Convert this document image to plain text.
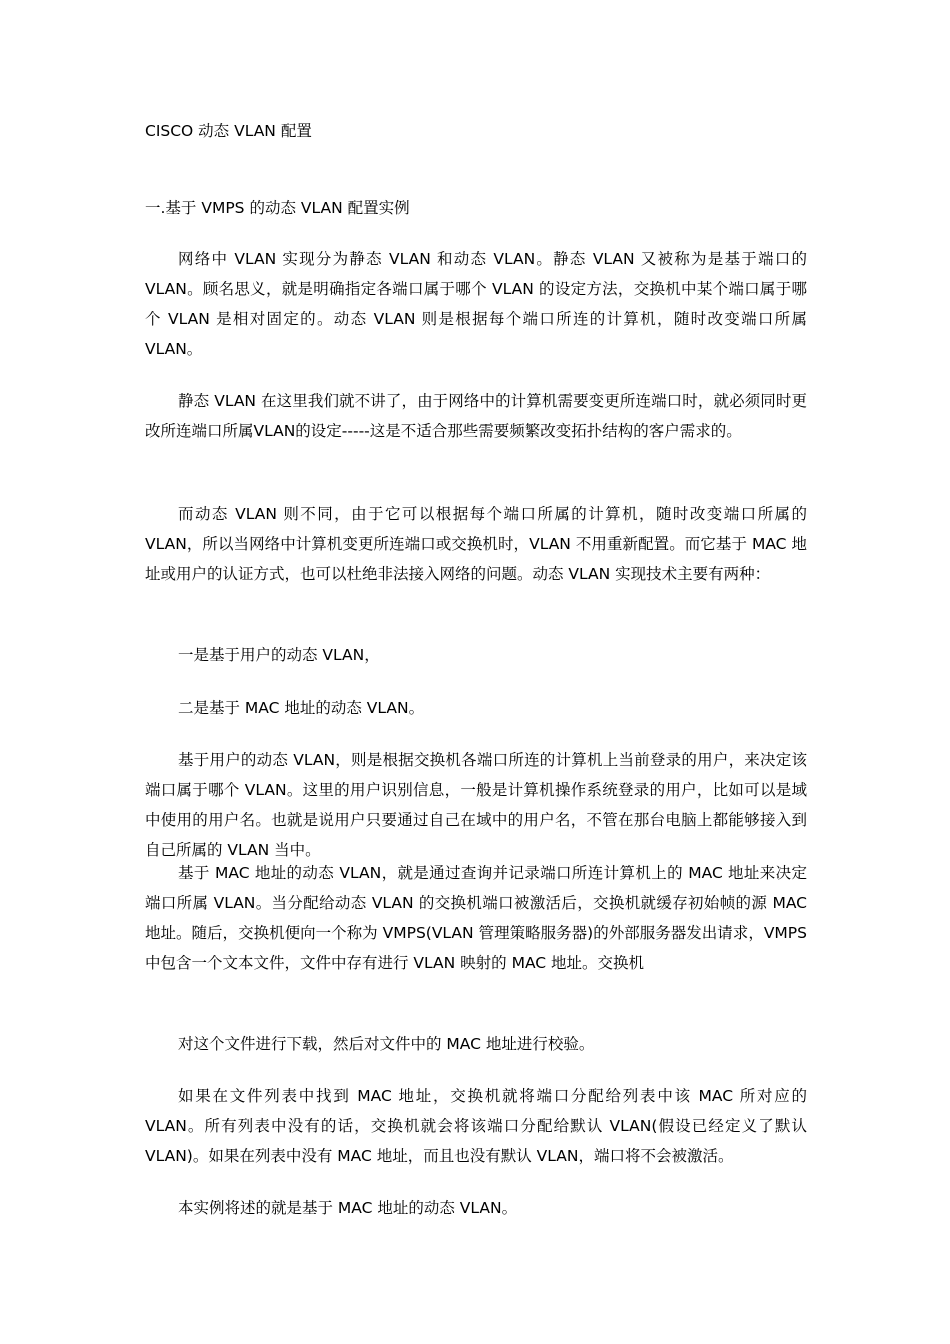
CISCO 动态 VLAN 配置

一.基于 VMPS 的动态 VLAN 配置实例

网络中 VLAN 实现分为静态 VLAN 和动态 VLAN。静态 VLAN 又被称为是基于端口的 VLAN。顾名思义，就是明确指定各端口属于哪个 VLAN 的设定方法，交换机中某个端口属于哪个 VLAN 是相对固定的。动态 VLAN 则是根据每个端口所连的计算机，随时改变端口所属 VLAN。

静态 VLAN 在这里我们就不讲了，由于网络中的计算机需要变更所连端口时，就必须同时更改所连端口所属VLAN的设定-----这是不适合那些需要频繁改变拓扑结构的客户需求的。

而动态 VLAN 则不同，由于它可以根据每个端口所属的计算机，随时改变端口所属的 VLAN，所以当网络中计算机变更所连端口或交换机时，VLAN 不用重新配置。而它基于 MAC 地址或用户的认证方式，也可以杜绝非法接入网络的问题。动态 VLAN 实现技术主要有两种：

一是基于用户的动态 VLAN，

二是基于 MAC 地址的动态 VLAN。

基于用户的动态 VLAN，则是根据交换机各端口所连的计算机上当前登录的用户，来决定该端口属于哪个 VLAN。这里的用户识别信息，一般是计算机操作系统登录的用户，比如可以是域中使用的用户名。也就是说用户只要通过自己在域中的用户名，不管在那台电脑上都能够接入到自己所属的 VLAN 当中。

基于 MAC 地址的动态 VLAN，就是通过查询并记录端口所连计算机上的 MAC 地址来决定端口所属 VLAN。当分配给动态 VLAN 的交换机端口被激活后，交换机就缓存初始帧的源 MAC 地址。随后，交换机便向一个称为 VMPS(VLAN 管理策略服务器)的外部服务器发出请求，VMPS 中包含一个文本文件，文件中存有进行 VLAN 映射的 MAC 地址。交换机

对这个文件进行下载，然后对文件中的 MAC 地址进行校验。

如果在文件列表中找到 MAC 地址，交换机就将端口分配给列表中该 MAC 所对应的 VLAN。所有列表中没有的话，交换机就会将该端口分配给默认 VLAN(假设已经定义了默认 VLAN)。如果在列表中没有 MAC 地址，而且也没有默认 VLAN，端口将不会被激活。

本实例将述的就是基于 MAC 地址的动态 VLAN。
